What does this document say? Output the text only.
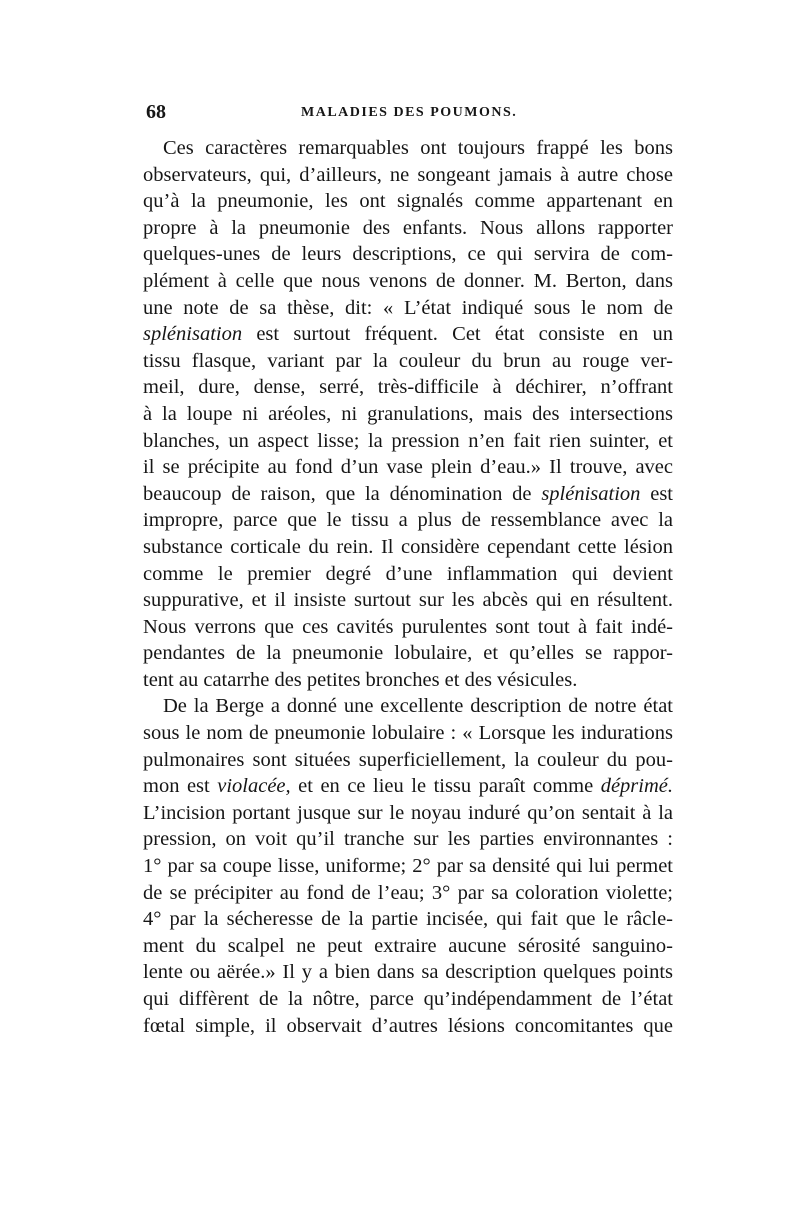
68	MALADIES DES POUMONS.
Ces caractères remarquables ont toujours frappé les bons
observateurs, qui, d’ailleurs, ne songeant jamais à autre chose
qu’à la pneumonie, les ont signalés comme appartenant en
propre à la pneumonie des enfants. Nous allons rapporter
quelques-unes de leurs descriptions, ce qui servira de com-
plément à celle que nous venons de donner. M. Berton, dans
une note de sa thèse, dit: « L’état indiqué sous le nom de
splénisation est surtout fréquent. Cet état consiste en un
tissu flasque, variant par la couleur du brun au rouge ver-
meil, dure, dense, serré, très-difficile à déchirer, n’offrant
à la loupe ni aréoles, ni granulations, mais des intersections
blanches, un aspect lisse; la pression n’en fait rien suinter, et
il se précipite au fond d’un vase plein d’eau.» Il trouve, avec
beaucoup de raison, que la dénomination de splénisation est
impropre, parce que le tissu a plus de ressemblance avec la
substance corticale du rein. Il considère cependant cette lésion
comme le premier degré d’une inflammation qui devient
suppurative, et il insiste surtout sur les abcès qui en résultent.
Nous verrons que ces cavités purulentes sont tout à fait indé-
pendantes de la pneumonie lobulaire, et qu’elles se rappor-
tent au catarrhe des petites bronches et des vésicules.
De la Berge a donné une excellente description de notre état
sous le nom de pneumonie lobulaire : « Lorsque les indurations
pulmonaires sont situées superficiellement, la couleur du pou-
mon est violacée, et en ce lieu le tissu paraît comme déprimé.
L’incision portant jusque sur le noyau induré qu’on sentait à la
pression, on voit qu’il tranche sur les parties environnantes :
1° par sa coupe lisse, uniforme; 2° par sa densité qui lui permet
de se précipiter au fond de l’eau; 3° par sa coloration violette;
4° par la sécheresse de la partie incisée, qui fait que le râcle-
ment du scalpel ne peut extraire aucune sérosité sanguino-
lente ou aërée.» Il y a bien dans sa description quelques points
qui diffèrent de la nôtre, parce qu’indépendamment de l’état
fœtal simple, il observait d’autres lésions concomitantes que
